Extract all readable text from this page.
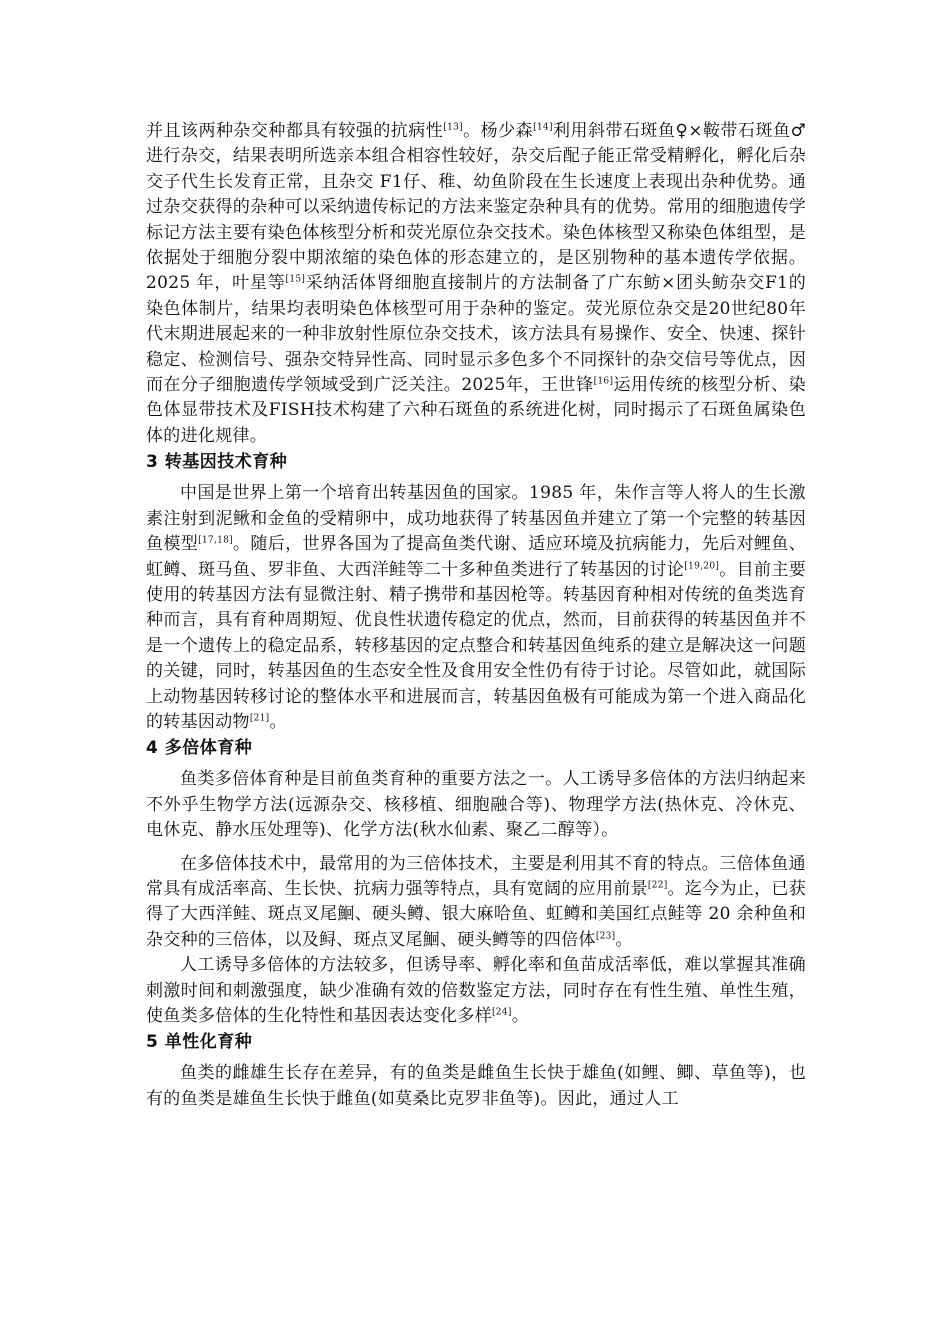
并且该两种杂交种都具有较强的抗病性[13]。杨少森[14]利用斜带石斑鱼♀×鞍带石斑鱼♂进行杂交，结果表明所选亲本组合相容性较好，杂交后配子能正常受精孵化，孵化后杂交子代生长发育正常，且杂交 F1仔、稚、幼鱼阶段在生长速度上表现出杂种优势。通过杂交获得的杂种可以采纳遗传标记的方法来鉴定杂种具有的优势。常用的细胞遗传学标记方法主要有染色体核型分析和荧光原位杂交技术。染色体核型又称染色体组型，是依据处于细胞分裂中期浓缩的染色体的形态建立的，是区别物种的基本遗传学依据。2025 年，叶星等[15]采纳活体肾细胞直接制片的方法制备了广东鲂×团头鲂杂交F1的染色体制片，结果均表明染色体核型可用于杂种的鉴定。荧光原位杂交是20世纪80年代末期进展起来的一种非放射性原位杂交技术，该方法具有易操作、安全、快速、探针稳定、检测信号、强杂交特异性高、同时显示多色多个不同探针的杂交信号等优点，因而在分子细胞遗传学领域受到广泛关注。2025年，王世锋[16]运用传统的核型分析、染色体显带技术及FISH技术构建了六种石斑鱼的系统进化树，同时揭示了石斑鱼属染色体的进化规律。

3 转基因技术育种

中国是世界上第一个培育出转基因鱼的国家。1985 年，朱作言等人将人的生长激素注射到泥鳅和金鱼的受精卵中，成功地获得了转基因鱼并建立了第一个完整的转基因鱼模型[17,18]。随后，世界各国为了提高鱼类代谢、适应环境及抗病能力，先后对鲤鱼、虹鳟、斑马鱼、罗非鱼、大西洋鲑等二十多种鱼类进行了转基因的讨论[19,20]。目前主要使用的转基因方法有显微注射、精子携带和基因枪等。转基因育种相对传统的鱼类选育种而言，具有育种周期短、优良性状遗传稳定的优点，然而，目前获得的转基因鱼并不是一个遗传上的稳定品系，转移基因的定点整合和转基因鱼纯系的建立是解决这一问题的关键，同时，转基因鱼的生态安全性及食用安全性仍有待于讨论。尽管如此，就国际上动物基因转移讨论的整体水平和进展而言，转基因鱼极有可能成为第一个进入商品化的转基因动物[21]。

4 多倍体育种

鱼类多倍体育种是目前鱼类育种的重要方法之一。人工诱导多倍体的方法归纳起来不外乎生物学方法(远源杂交、核移植、细胞融合等)、物理学方法(热休克、冷休克、电休克、静水压处理等)、化学方法(秋水仙素、聚乙二醇等）。

在多倍体技术中，最常用的为三倍体技术，主要是利用其不育的特点。三倍体鱼通常具有成活率高、生长快、抗病力强等特点，具有宽阔的应用前景[22]。迄今为止，已获得了大西洋鲑、斑点叉尾鮰、硬头鳟、银大麻哈鱼、虹鳟和美国红点鲑等 20 余种鱼和杂交种的三倍体，以及鲟、斑点叉尾鮰、硬头鳟等的四倍体[23]。

人工诱导多倍体的方法较多，但诱导率、孵化率和鱼苗成活率低，难以掌握其准确刺激时间和刺激强度，缺少准确有效的倍数鉴定方法，同时存在有性生殖、单性生殖，使鱼类多倍体的生化特性和基因表达变化多样[24]。

5 单性化育种

鱼类的雌雄生长存在差异，有的鱼类是雌鱼生长快于雄鱼(如鲤、鲫、草鱼等)，也有的鱼类是雄鱼生长快于雌鱼(如莫桑比克罗非鱼等)。因此，通过人工
